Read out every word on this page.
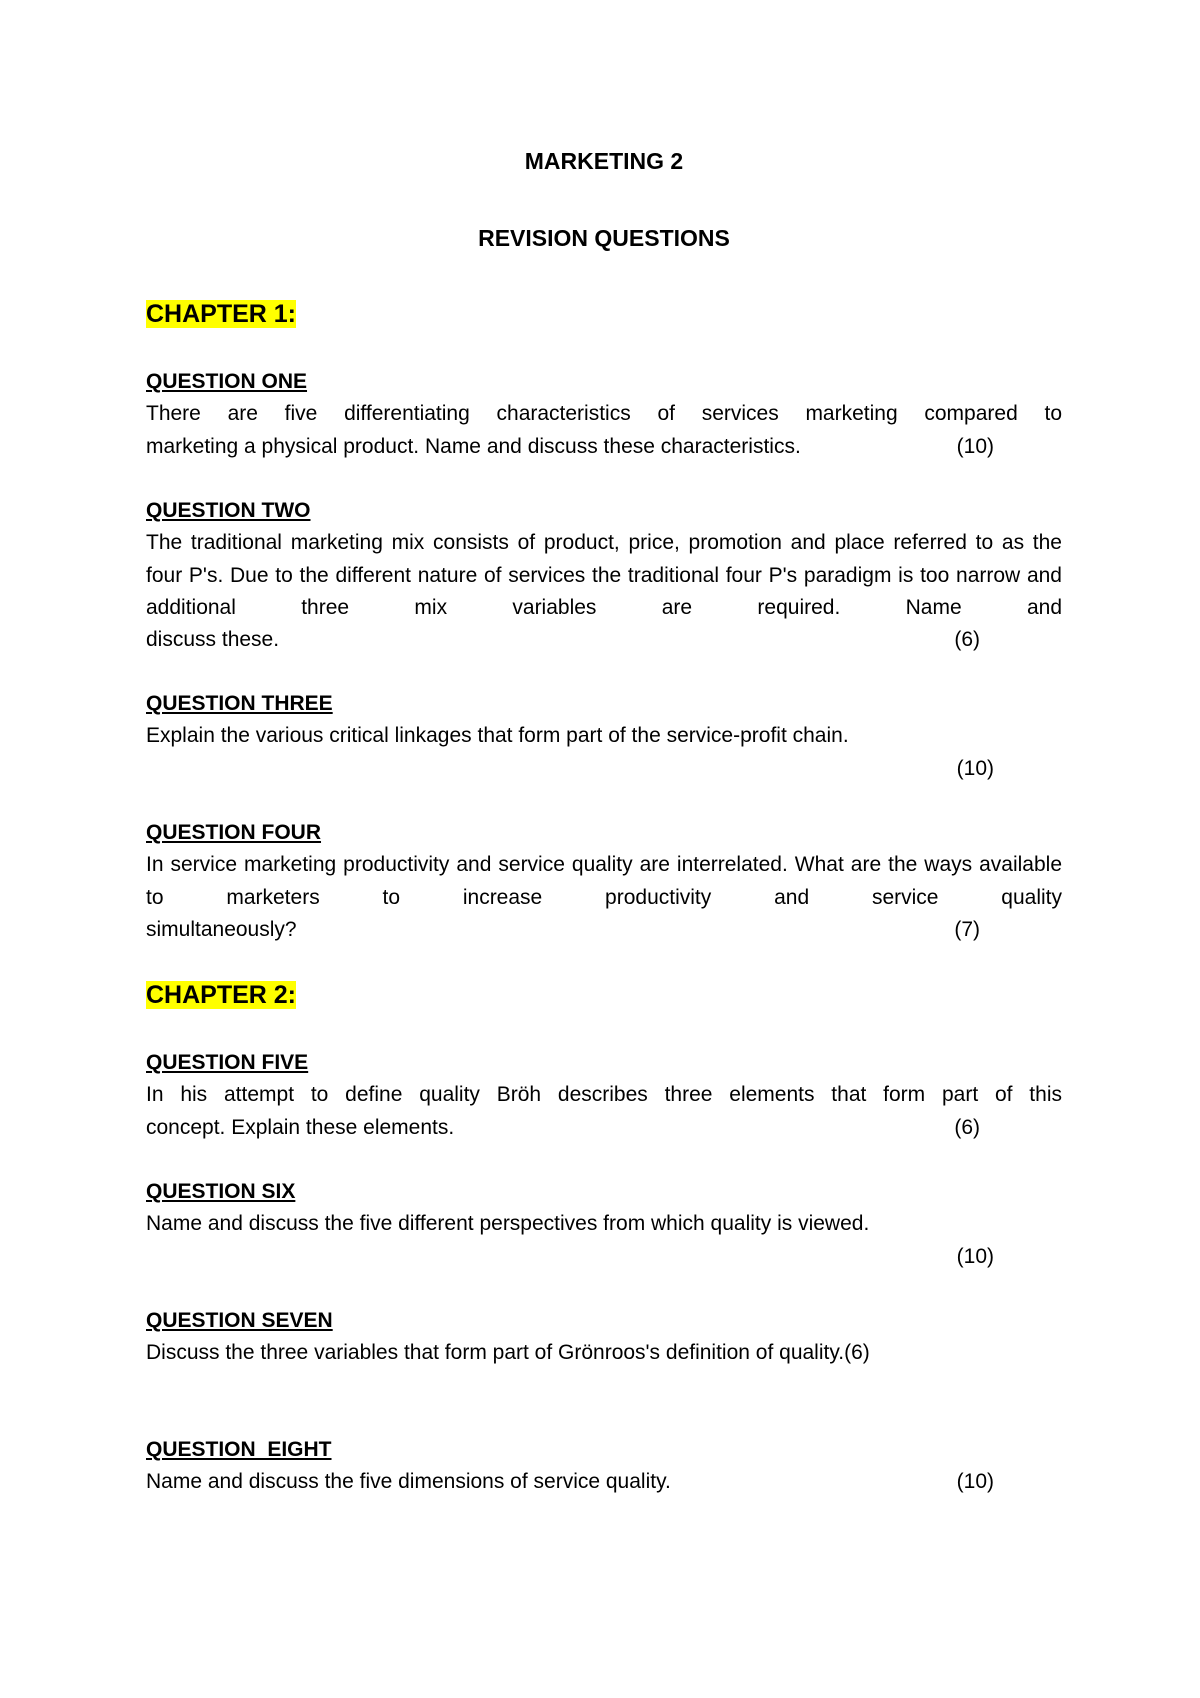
MARKETING 2
REVISION QUESTIONS
CHAPTER 1:
QUESTION ONE
There are five differentiating characteristics of services marketing compared to
marketing a physical product. Name and discuss these characteristics.	(10)
QUESTION TWO
The traditional marketing mix consists of product, price, promotion and place referred to as the four P's. Due to the different nature of services the traditional four P's paradigm is too narrow and additional three mix variables are required. Name and
discuss these.	(6)
QUESTION THREE
Explain the various critical linkages that form part of the service-profit chain.
(10)
QUESTION FOUR
In service marketing productivity and service quality are interrelated. What are the ways available to marketers to increase productivity and service quality
simultaneously?	(7)
CHAPTER 2:
QUESTION FIVE
In his attempt to define quality Bröh describes three elements that form part of this
concept. Explain these elements.	(6)
QUESTION SIX
Name and discuss the five different perspectives from which quality is viewed.
(10)
QUESTION SEVEN
Discuss the three variables that form part of Grönroos's definition of quality.(6)
QUESTION  EIGHT
Name and discuss the five dimensions of service quality.	(10)
